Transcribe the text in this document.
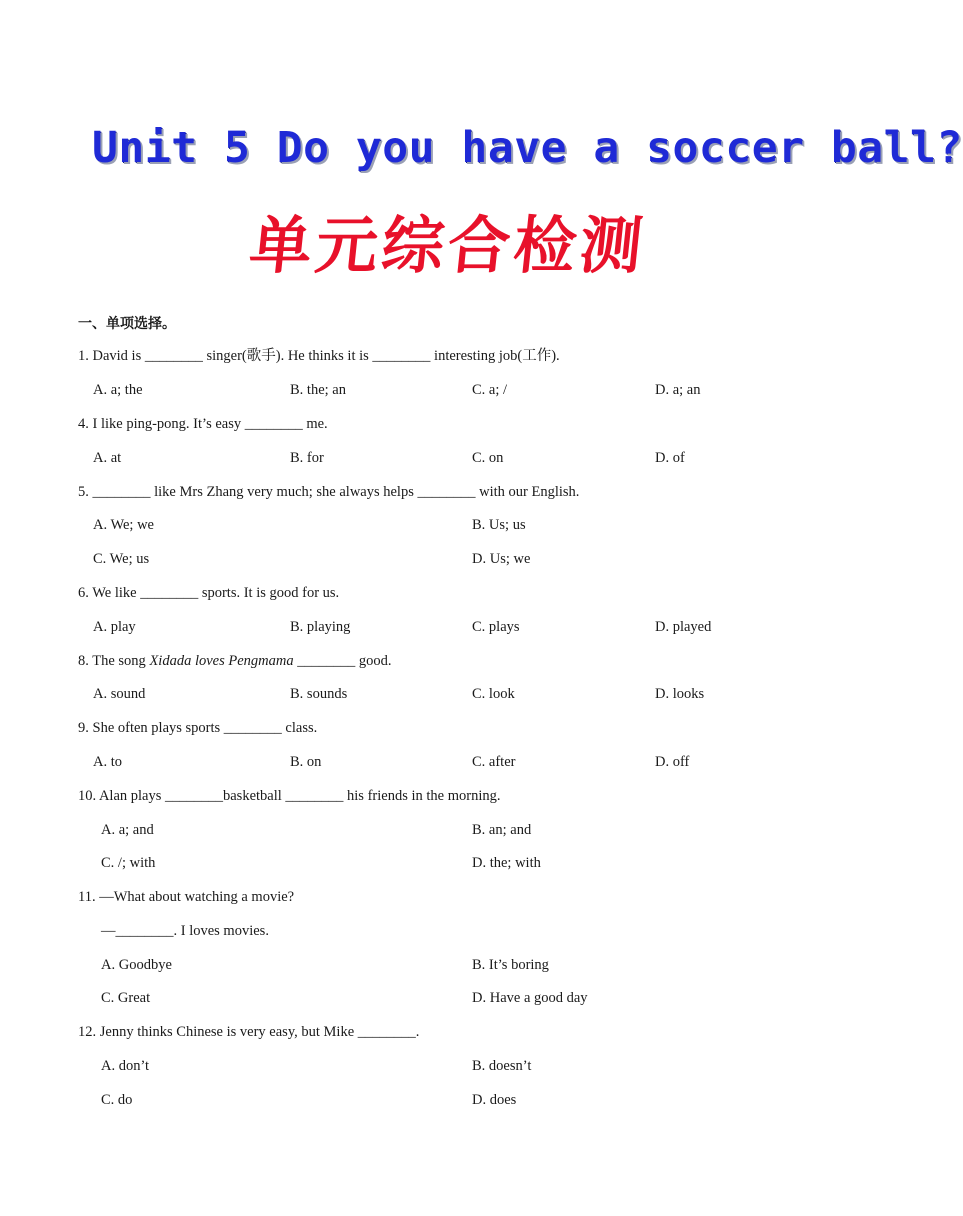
Unit 5 Do you have a soccer ball?
单元综合检测
一、单项选择。
1. David is ________ singer(歌手). He thinks it is ________ interesting job(工作).
A. a; the	B. the; an	C. a; /	D. a; an
4. I like ping-pong. It’s easy ________ me.
A. at	B. for	C. on	D. of
5. ________ like Mrs Zhang very much; she always helps ________ with our English.
A. We; we	B. Us; us
C. We; us	D. Us; we
6. We like ________ sports. It is good for us.
A. play	B. playing	C. plays	D. played
8. The song Xidada loves Pengmama ________ good.
A. sound	B. sounds	C. look	D. looks
9. She often plays sports ________ class.
A. to	B. on	C. after	D. off
10. Alan plays ________basketball ________ his friends in the morning.
A. a; and	B. an; and
C. /; with	D. the; with
11. —What about watching a movie?
—________. I loves movies.
A. Goodbye	B. It’s boring
C. Great	D. Have a good day
12. Jenny thinks Chinese is very easy, but Mike ________.
A. don’t	B. doesn’t
C. do	D. does
